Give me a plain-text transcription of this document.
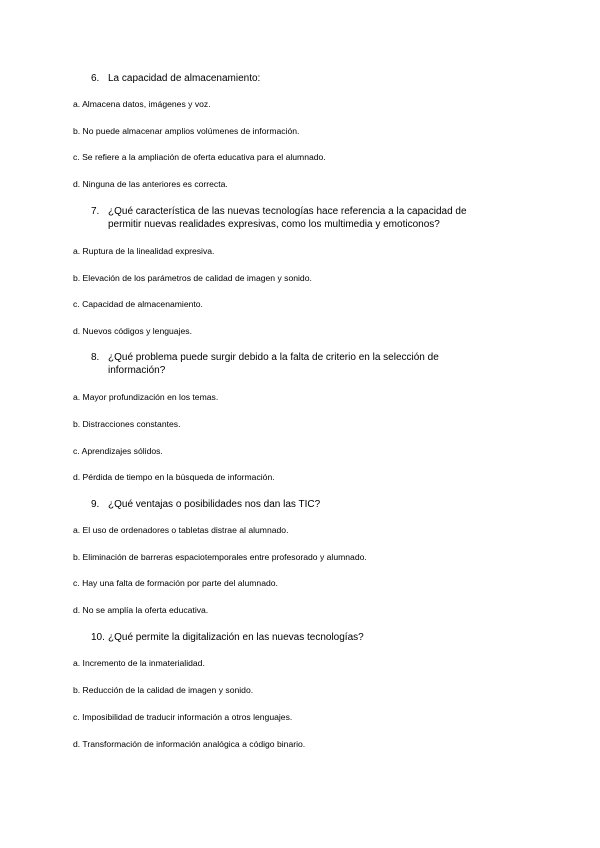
6. La capacidad de almacenamiento:

a. Almacena datos, imágenes y voz.

b. No puede almacenar amplios volúmenes de información.

c. Se refiere a la ampliación de oferta educativa para el alumnado.

d. Ninguna de las anteriores es correcta.

7. ¿Qué característica de las nuevas tecnologías hace referencia a la capacidad de
permitir nuevas realidades expresivas, como los multimedia y emoticonos?

a. Ruptura de la linealidad expresiva.

b. Elevación de los parámetros de calidad de imagen y sonido.

c. Capacidad de almacenamiento.

d. Nuevos códigos y lenguajes.

8. ¿Qué problema puede surgir debido a la falta de criterio en la selección de
información?

a. Mayor profundización en los temas.

b. Distracciones constantes.

c. Aprendizajes sólidos.

d. Pérdida de tiempo en la búsqueda de información.

9. ¿Qué ventajas o posibilidades nos dan las TIC?

a. El uso de ordenadores o tabletas distrae al alumnado.

b. Eliminación de barreras espaciotemporales entre profesorado y alumnado.

c. Hay una falta de formación por parte del alumnado.

d. No se amplía la oferta educativa.

10. ¿Qué permite la digitalización en las nuevas tecnologías?

a. Incremento de la inmaterialidad.

b. Reducción de la calidad de imagen y sonido.

c. Imposibilidad de traducir información a otros lenguajes.

d. Transformación de información analógica a código binario.
